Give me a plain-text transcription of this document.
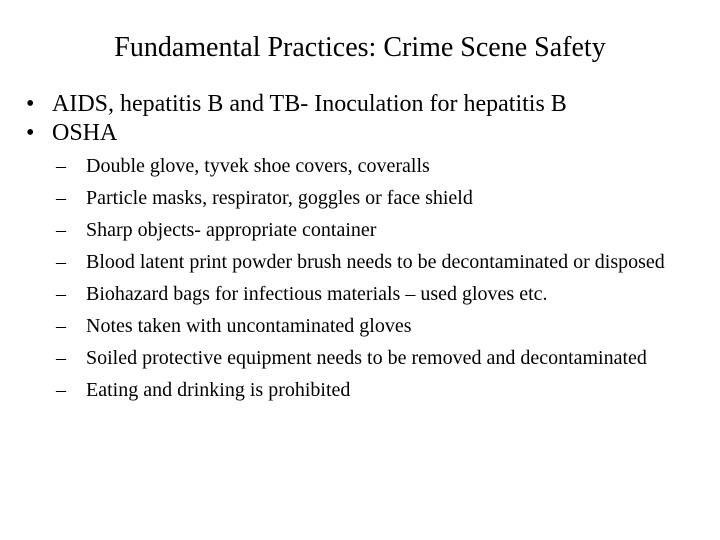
Fundamental Practices: Crime Scene Safety
• AIDS, hepatitis B and TB- Inoculation for hepatitis B
• OSHA
– Double glove, tyvek shoe covers, coveralls
– Particle masks, respirator, goggles or face shield
– Sharp objects- appropriate container
– Blood latent print powder brush needs to be decontaminated or disposed
– Biohazard bags for infectious materials – used gloves etc.
– Notes taken with uncontaminated gloves
– Soiled protective equipment needs to be removed and decontaminated
– Eating and drinking is prohibited
